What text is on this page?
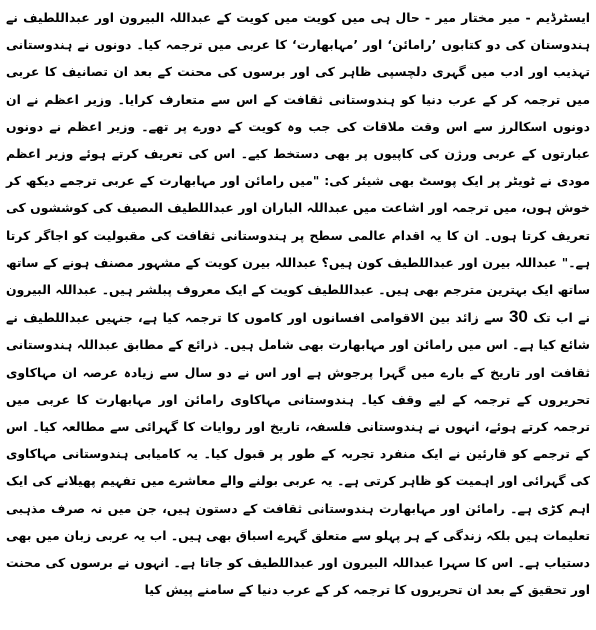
ایسٹرڈیم - میر مختار میر - حال ہی میں کویت میں کویت کے عبداللہ البیرون اور عبداللطیف نے ہندوستان کی دو کتابوں ’رامائن‘ اور ’مہابھارت‘ کا عربی میں ترجمہ کیا۔ دونوں نے ہندوستانی تہذیب اور ادب میں گہری دلچسپی ظاہر کی اور برسوں کی محنت کے بعد ان تصانیف کا عربی میں ترجمہ کر کے عرب دنیا کو ہندوستانی ثقافت کے اس سے متعارف کرایا۔ وزیر اعظم نے ان دونوں اسکالرز سے اس وقت ملاقات کی جب وہ کویت کے دورے پر تھے۔ وزیر اعظم نے دونوں عبارتوں کے عربی ورژن کی کاپیوں پر بھی دستخط کیے۔ اس کی تعریف کرتے ہوئے وزیر اعظم مودی نے ٹویٹر پر ایک پوسٹ بھی شیئر کی: "میں رامائن اور مہابھارت کے عربی ترجمے دیکھ کر خوش ہوں، میں ترجمہ اور اشاعت میں عبداللہ الباران اور عبداللطیف الںصیف کی کوششوں کی تعریف کرتا ہوں۔ ان کا یہ اقدام عالمی سطح پر ہندوستانی ثقافت کی مقبولیت کو اجاگر کرتا ہے۔" عبداللہ بیرن اور عبداللطیف کون ہیں؟ عبداللہ بیرن کویت کے مشہور مصنف ہونے کے ساتھ ساتھ ایک بہترین مترجم بھی ہیں۔ عبداللطیف کویت کے ایک معروف پبلشر ہیں۔ عبداللہ البیرون نے اب تک 30 سے زائد بین الاقوامی افسانوں اور کاموں کا ترجمہ کیا ہے، جنہیں عبداللطیف نے شائع کیا ہے۔ اس میں رامائن اور مہابھارت بھی شامل ہیں۔ ذرائع کے مطابق عبداللہ ہندوستانی ثقافت اور تاریخ کے بارے میں گہرا پرجوش ہے اور اس نے دو سال سے زیادہ عرصہ ان مہاکاوی تحریروں کے ترجمہ کے لیے وقف کیا۔ ہندوستانی مہاکاوی رامائن اور مہابھارت کا عربی میں ترجمہ کرتے ہوئے، انہوں نے ہندوستانی فلسفہ، تاریخ اور روایات کا گہرائی سے مطالعہ کیا۔ اس کے ترجمے کو قارئین نے ایک منفرد تجربہ کے طور پر قبول کیا۔ یہ کامیابی ہندوستانی مہاکاوی کی گہرائی اور اہمیت کو ظاہر کرتی ہے۔ یہ عربی بولنے والے معاشرے میں تفہیم پھیلانے کی ایک اہم کڑی ہے۔ رامائن اور مہابھارت ہندوستانی ثقافت کے دستون ہیں، جن میں نہ صرف مذہبی تعلیمات ہیں بلکہ زندگی کے ہر پہلو سے متعلق گہرے اسباق بھی ہیں۔ اب یہ عربی زبان میں بھی دستیاب ہے۔ اس کا سہرا عبداللہ البیرون اور عبداللطیف کو جاتا ہے۔ انہوں نے برسوں کی محنت اور تحقیق کے بعد ان تحریروں کا ترجمہ کر کے عرب دنیا کے سامنے پیش کیا
